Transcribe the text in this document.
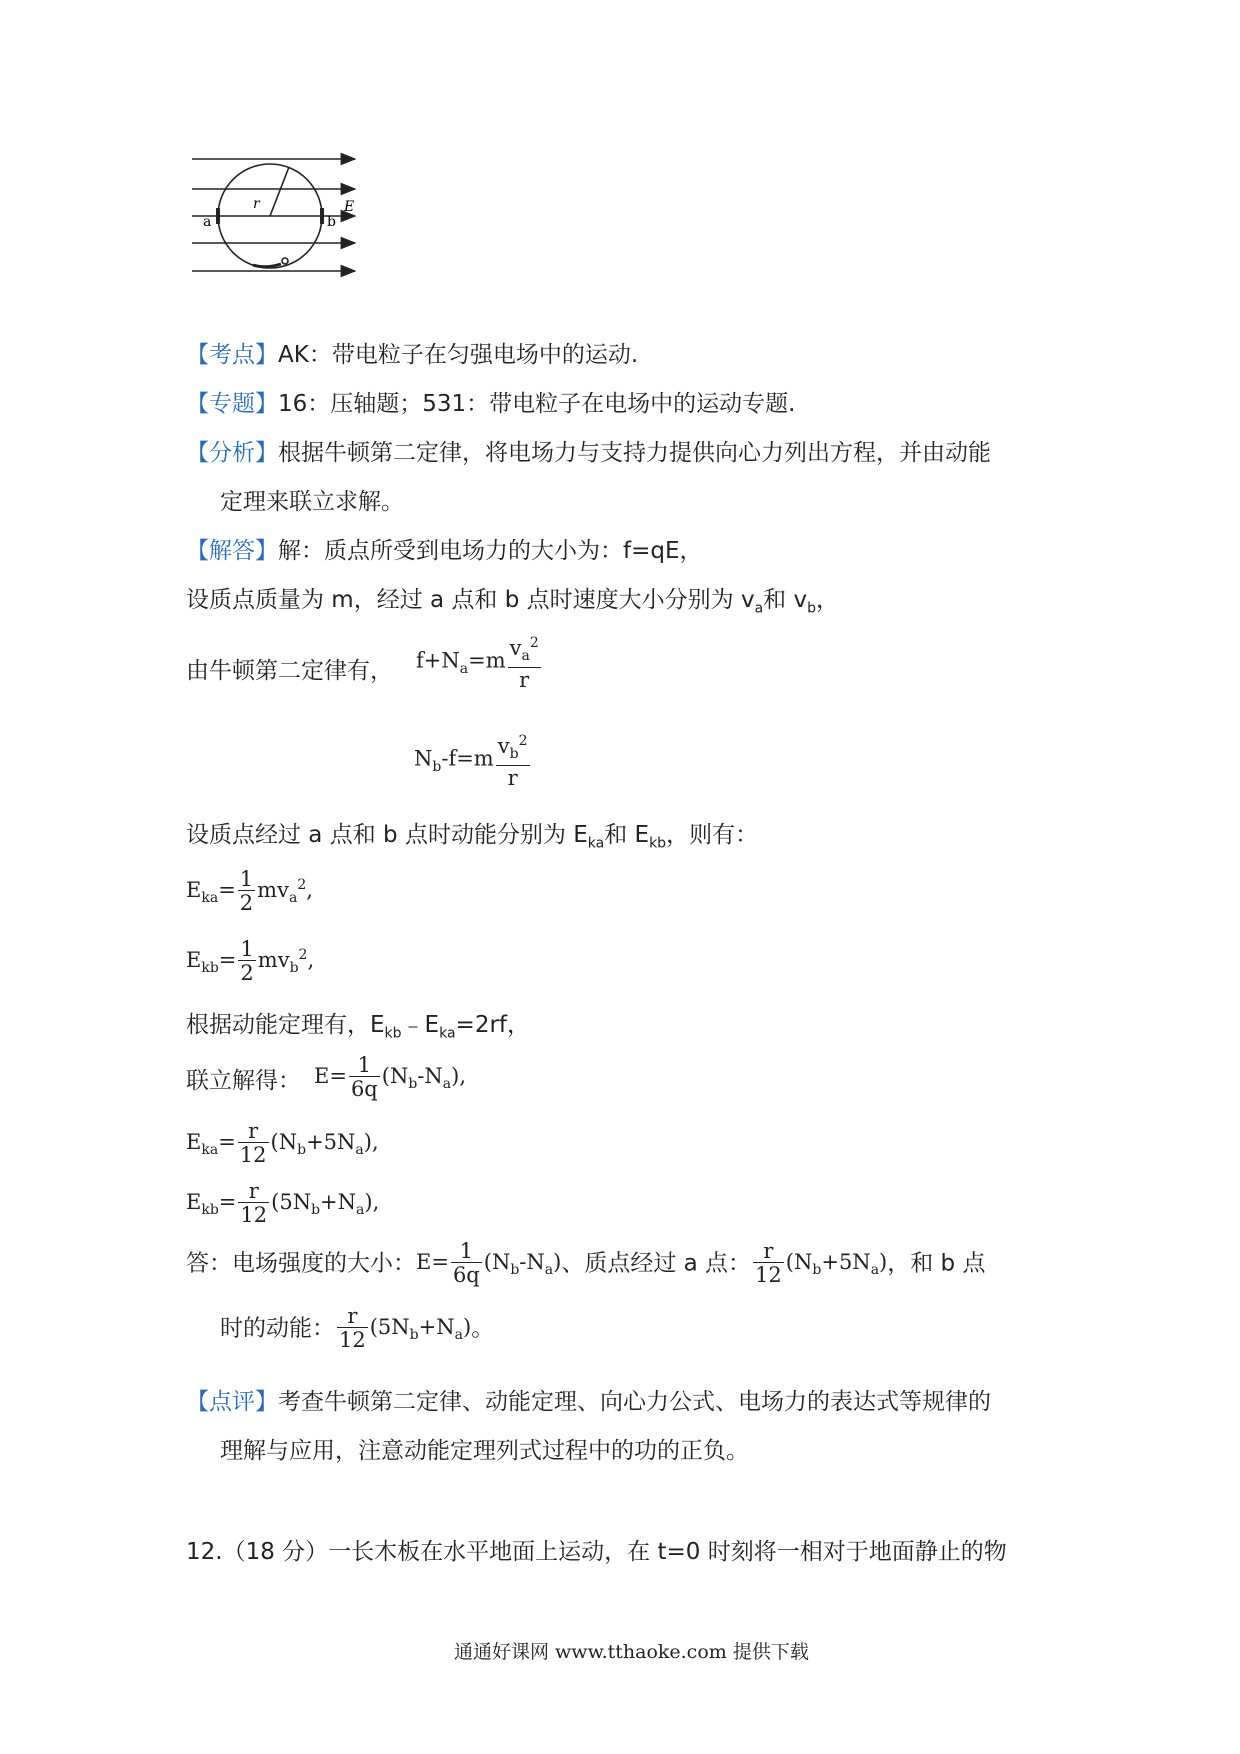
r
a	b
E
【考点】AK：带电粒子在匀强电场中的运动.
【专题】16：压轴题；531：带电粒子在电场中的运动专题.
【分析】根据牛顿第二定律，将电场力与支持力提供向心力列出方程，并由动能
定理来联立求解。
【解答】解：质点所受到电场力的大小为：f=qE，
设质点质量为 m，经过 a 点和 b 点时速度大小分别为 $v_a$和 $v_b$，
由牛顿第二定律有， $f+N_a=m \frac{v_a^2}{r}$
$N_b-f=m \frac{v_b^2}{r}$
设质点经过 a 点和 b 点时动能分别为 $E_{ka}$和 $E_{kb}$，则有：
$E_{ka}= \frac{1}{2} mv_a^2$,
$E_{kb}= \frac{1}{2} mv_b^2$,
根据动能定理有，$E_{kb}﹣E_{ka}=2rf$，
联立解得： $E= \frac{1}{6q} (N_b-N_a)$,
$E_{ka}= \frac{r}{12} (N_b+5N_a)$,
$E_{kb}= \frac{r}{12} (5N_b+N_a)$,
答：电场强度的大小：$E= \frac{1}{6q} (N_b-N_a)$、质点经过 a 点： $\frac{r}{12} (N_b+5N_a)$，和 b 点
时的动能： $\frac{r}{12} (5N_b+N_a)$。
【点评】考查牛顿第二定律、动能定理、向心力公式、电场力的表达式等规律的
理解与应用，注意动能定理列式过程中的功的正负。
12.（18 分）一长木板在水平地面上运动，在 t=0 时刻将一相对于地面静止的物
通通好课网 www.tthaoke.com 提供下载
